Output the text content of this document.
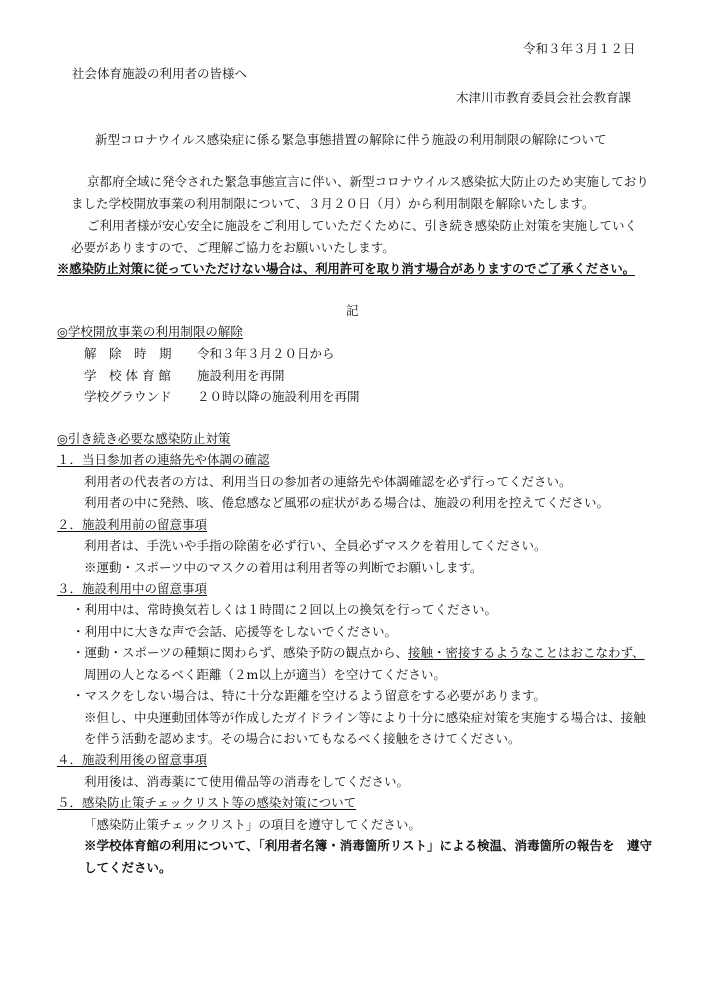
令和３年３月１２日
社会体育施設の利用者の皆様へ
木津川市教育委員会社会教育課
新型コロナウイルス感染症に係る緊急事態措置の解除に伴う施設の利用制限の解除について
京都府全域に発令された緊急事態宣言に伴い、新型コロナウイルス感染拡大防止のため実施しており
ました学校開放事業の利用制限について、３月２０日（月）から利用制限を解除いたします。
ご利用者様が安心安全に施設をご利用していただくために、引き続き感染防止対策を実施していく
必要がありますので、ご理解ご協力をお願いいたします。
※感染防止対策に従っていただけない場合は、利用許可を取り消す場合がありますのでご了承ください。
記
◎学校開放事業の利用制限の解除
解　除　時　期 令和３年３月２０日から
学　校 体 育 館 施設利用を再開
学校グラウンド ２０時以降の施設利用を再開
◎引き続き必要な感染防止対策
１．当日参加者の連絡先や体調の確認
利用者の代表者の方は、利用当日の参加者の連絡先や体調確認を必ず行ってください。
利用者の中に発熱、咳、倦怠感など風邪の症状がある場合は、施設の利用を控えてください。
２．施設利用前の留意事項
利用者は、手洗いや手指の除菌を必ず行い、全員必ずマスクを着用してください。
※運動・スポーツ中のマスクの着用は利用者等の判断でお願いします。
３．施設利用中の留意事項
・利用中は、常時換気若しくは１時間に２回以上の換気を行ってください。
・利用中に大きな声で会話、応援等をしないでください。
・運動・スポーツの種類に関わらず、感染予防の観点から、接触・密接するようなことはおこなわず、
周囲の人となるべく距離（２m以上が適当）を空けてください。
・マスクをしない場合は、特に十分な距離を空けるよう留意をする必要があります。
※但し、中央運動団体等が作成したガイドライン等により十分に感染症対策を実施する場合は、接触
を伴う活動を認めます。その場合においてもなるべく接触をさけてください。
４．施設利用後の留意事項
利用後は、消毒薬にて使用備品等の消毒をしてください。
５．感染防止策チェックリスト等の感染対策について
「感染防止策チェックリスト」の項目を遵守してください。
※学校体育館の利用について、「利用者名簿・消毒箇所リスト」による検温、消毒箇所の報告を　遵守
してください。
